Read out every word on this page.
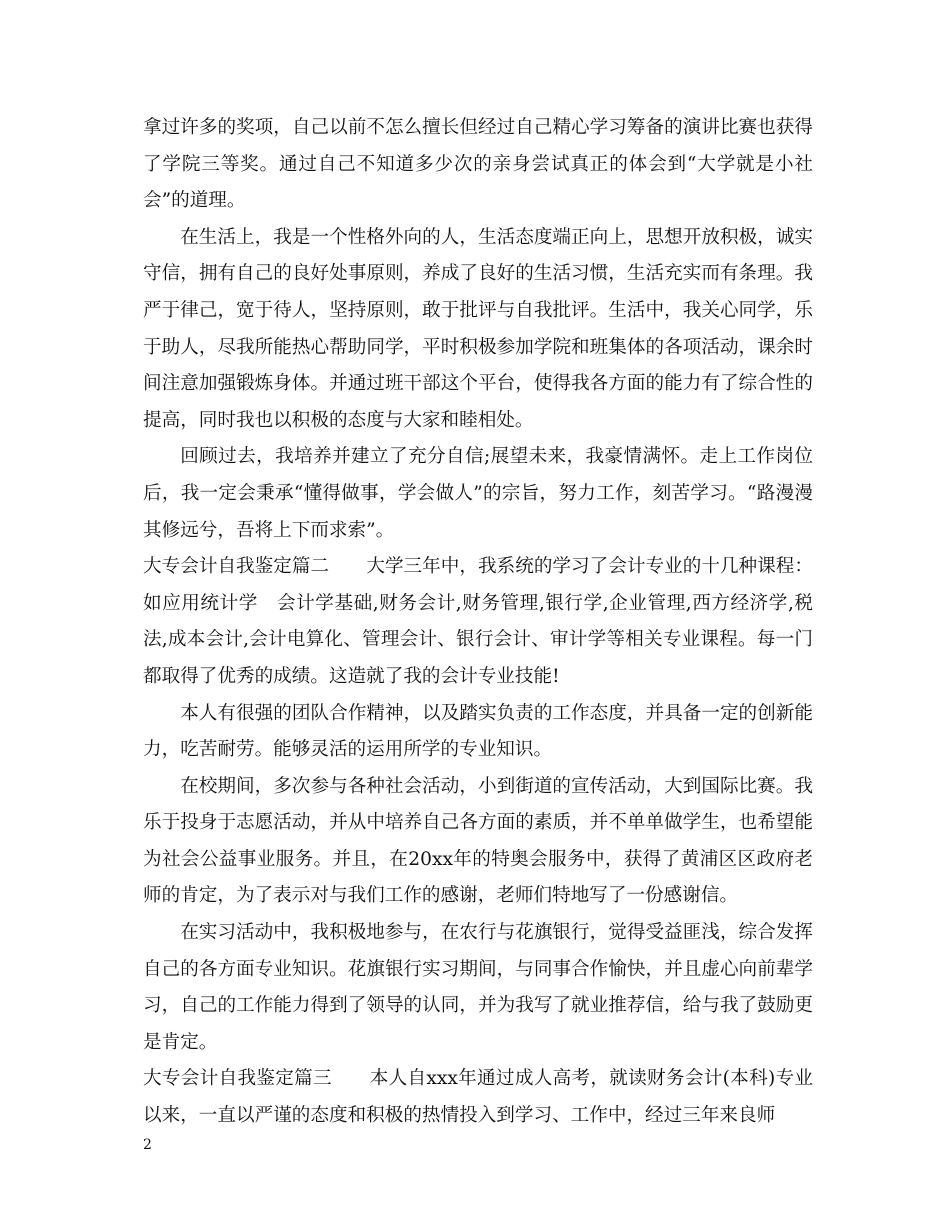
拿过许多的奖项，自己以前不怎么擅长但经过自己精心学习筹备的演讲比赛也获得了学院三等奖。通过自己不知道多少次的亲身尝试真正的体会到“大学就是小社会”的道理。

在生活上，我是一个性格外向的人，生活态度端正向上，思想开放积极，诚实守信，拥有自己的良好处事原则，养成了良好的生活习惯，生活充实而有条理。我严于律己，宽于待人，坚持原则，敢于批评与自我批评。生活中，我关心同学，乐于助人，尽我所能热心帮助同学，平时积极参加学院和班集体的各项活动，课余时间注意加强锻炼身体。并通过班干部这个平台，使得我各方面的能力有了综合性的提高，同时我也以积极的态度与大家和睦相处。

回顾过去，我培养并建立了充分自信;展望未来，我豪情满怀。走上工作岗位后，我一定会秉承“懂得做事，学会做人”的宗旨，努力工作，刻苦学习。“路漫漫其修远兮，吾将上下而求索”。

大专会计自我鉴定篇二　　大学三年中，我系统的学习了会计专业的十几种课程：如应用统计学　会计学基础,财务会计,财务管理,银行学,企业管理,西方经济学,税法,成本会计,会计电算化、管理会计、银行会计、审计学等相关专业课程。每一门都取得了优秀的成绩。这造就了我的会计专业技能!

本人有很强的团队合作精神，以及踏实负责的工作态度，并具备一定的创新能力，吃苦耐劳。能够灵活的运用所学的专业知识。

在校期间，多次参与各种社会活动，小到街道的宣传活动，大到国际比赛。我乐于投身于志愿活动，并从中培养自己各方面的素质，并不单单做学生，也希望能为社会公益事业服务。并且，在20xx年的特奥会服务中，获得了黄浦区区政府老师的肯定，为了表示对与我们工作的感谢，老师们特地写了一份感谢信。

在实习活动中，我积极地参与，在农行与花旗银行，觉得受益匪浅，综合发挥自己的各方面专业知识。花旗银行实习期间，与同事合作愉快，并且虚心向前辈学习，自己的工作能力得到了领导的认同，并为我写了就业推荐信，给与我了鼓励更是肯定。

大专会计自我鉴定篇三　　本人自xxx年通过成人高考，就读财务会计(本科)专业以来，一直以严谨的态度和积极的热情投入到学习、工作中，经过三年来良师

2
